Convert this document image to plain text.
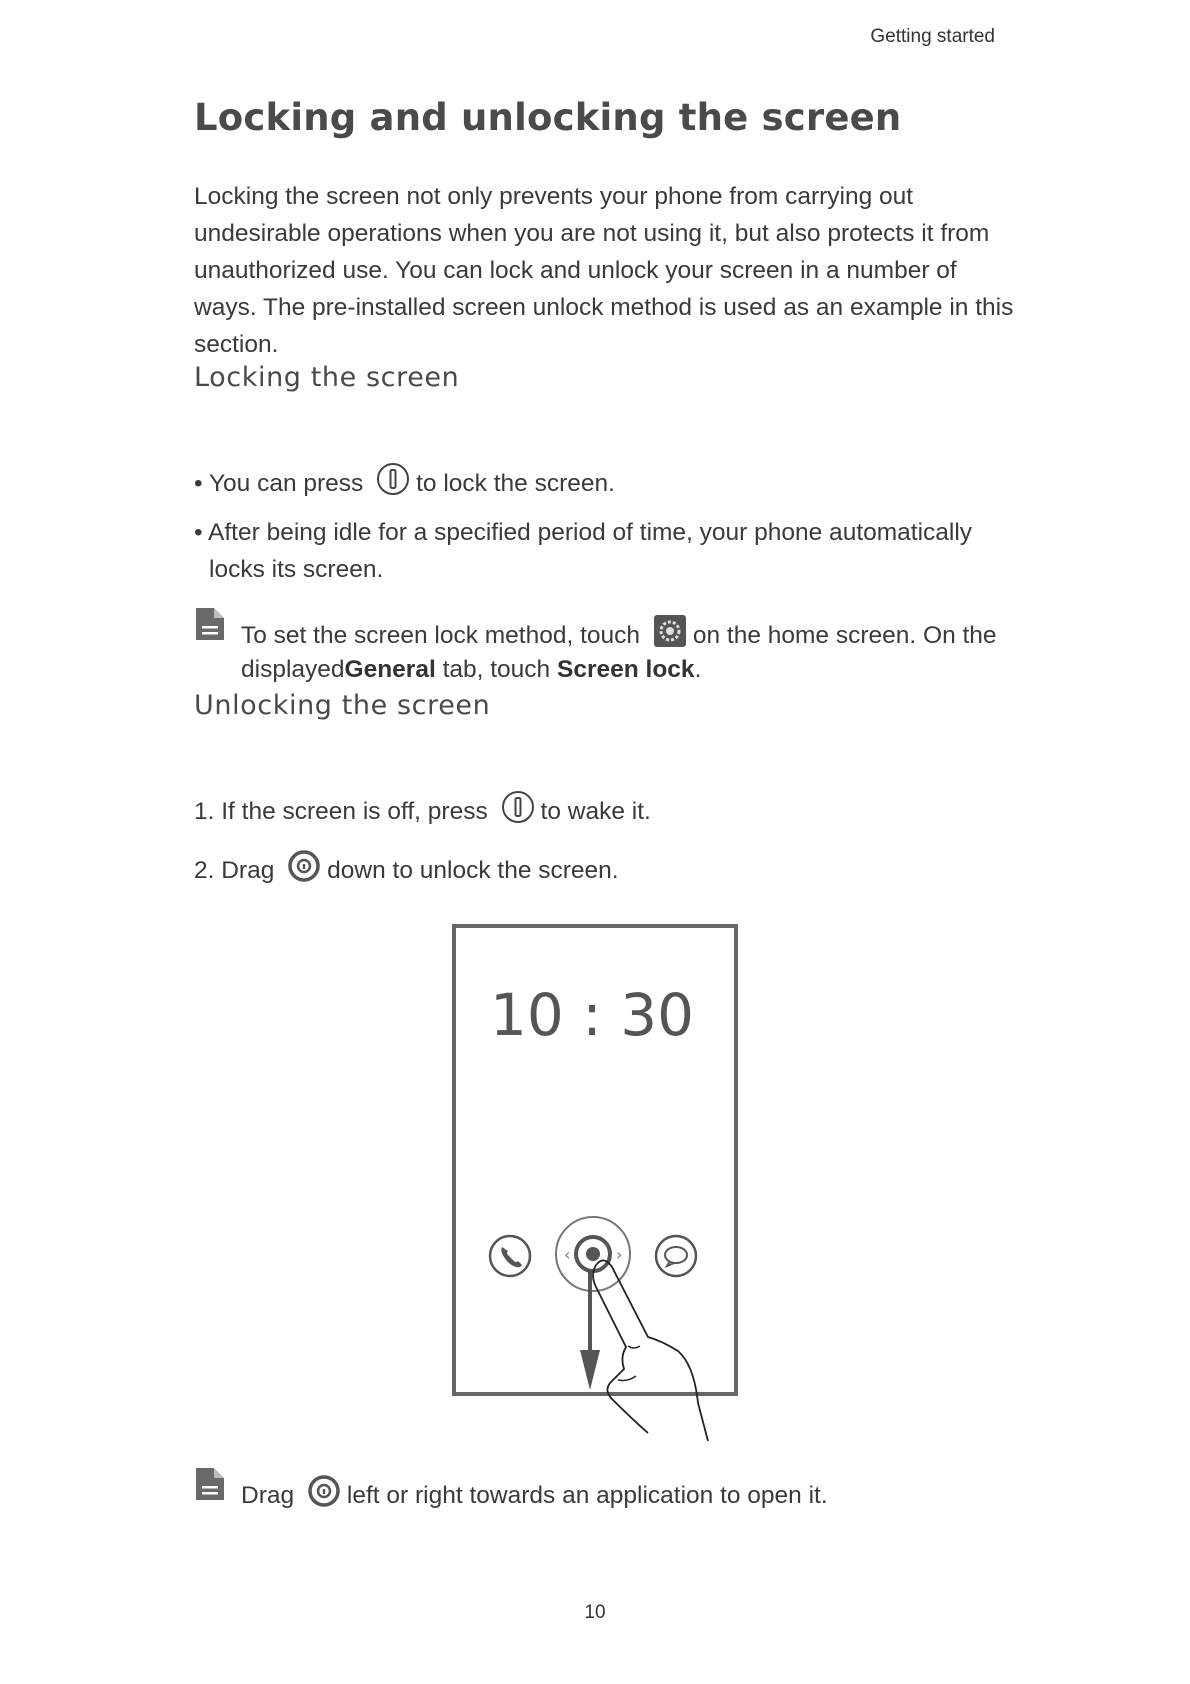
Getting started
Locking and unlocking the screen

Locking the screen not only prevents your phone from carrying out undesirable operations when you are not using it, but also protects it from unauthorized use. You can lock and unlock your screen in a number of ways. The pre-installed screen unlock method is used as an example in this section.

Locking the screen
• You can press to lock the screen.
• After being idle for a specified period of time, your phone automatically
locks its screen.
To set the screen lock method, touch on the home screen. On the
displayedGeneral tab, touch Screen lock.
Unlocking the screen
1. If the screen is off, press to wake it.
2. Drag down to unlock the screen.
10 : 30
‹	›
Drag left or right towards an application to open it.
10
